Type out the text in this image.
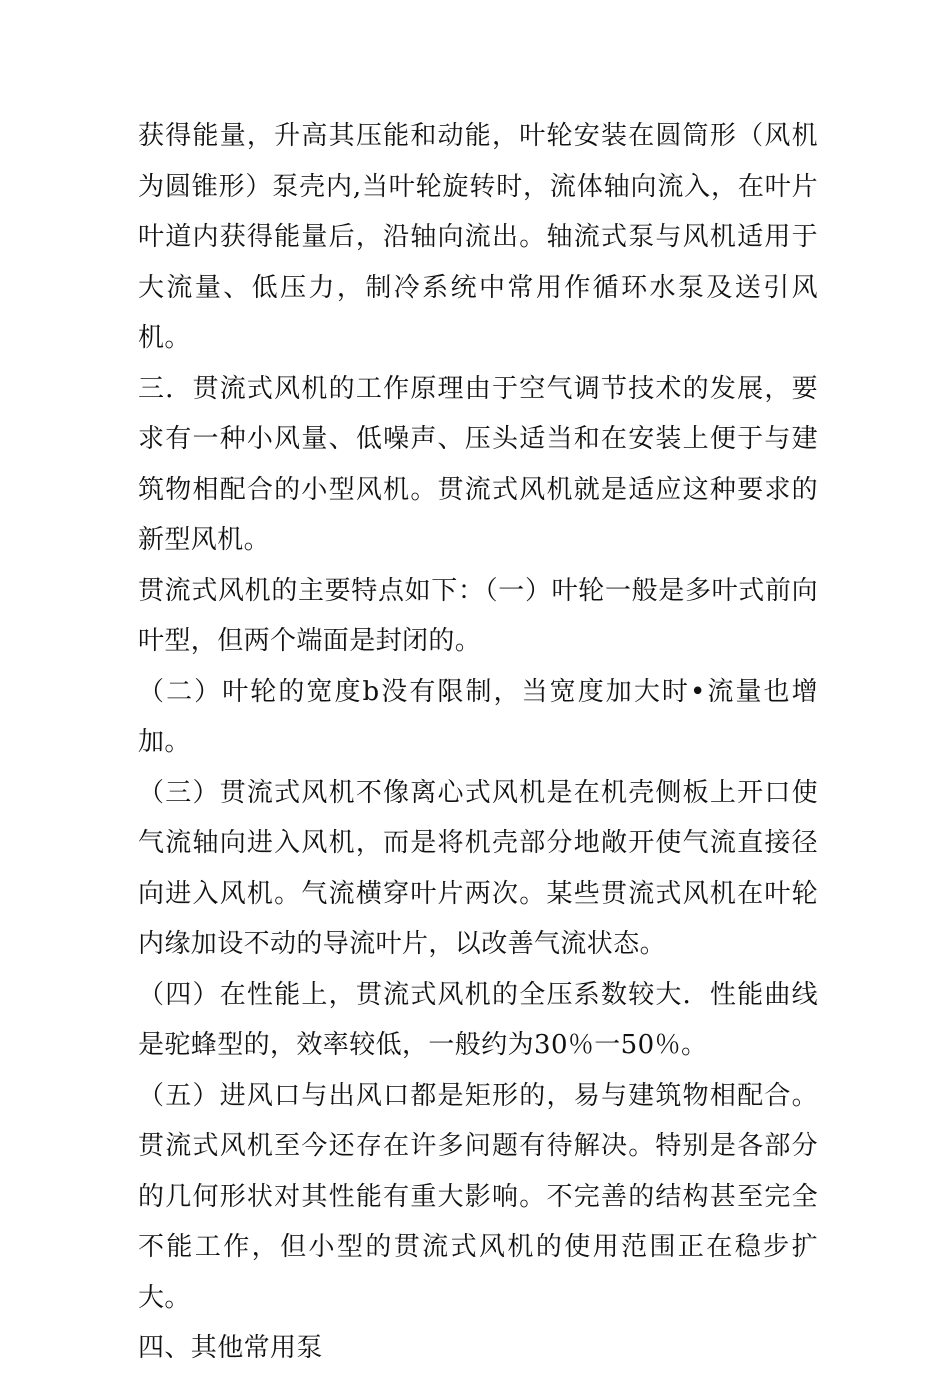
获得能量，升高其压能和动能，叶轮安装在圆筒形（风机为圆锥形）泵壳内,当叶轮旋转时，流体轴向流入，在叶片叶道内获得能量后，沿轴向流出。轴流式泵与风机适用于大流量、低压力，制冷系统中常用作循环水泵及送引风机。

三．贯流式风机的工作原理由于空气调节技术的发展，要求有一种小风量、低噪声、压头适当和在安装上便于与建筑物相配合的小型风机。贯流式风机就是适应这种要求的新型风机。

贯流式风机的主要特点如下：（一）叶轮一般是多叶式前向叶型，但两个端面是封闭的。

（二）叶轮的宽度b没有限制，当宽度加大时•流量也增加。

（三）贯流式风机不像离心式风机是在机壳侧板上开口使气流轴向进入风机，而是将机壳部分地敞开使气流直接径向进入风机。气流横穿叶片两次。某些贯流式风机在叶轮内缘加设不动的导流叶片，以改善气流状态。

（四）在性能上，贯流式风机的全压系数较大．性能曲线是驼蜂型的，效率较低，一般约为30％一50％。

（五）进风口与出风口都是矩形的，易与建筑物相配合。贯流式风机至今还存在许多问题有待解决。特别是各部分的几何形状对其性能有重大影响。不完善的结构甚至完全不能工作，但小型的贯流式风机的使用范围正在稳步扩大。

四、其他常用泵
